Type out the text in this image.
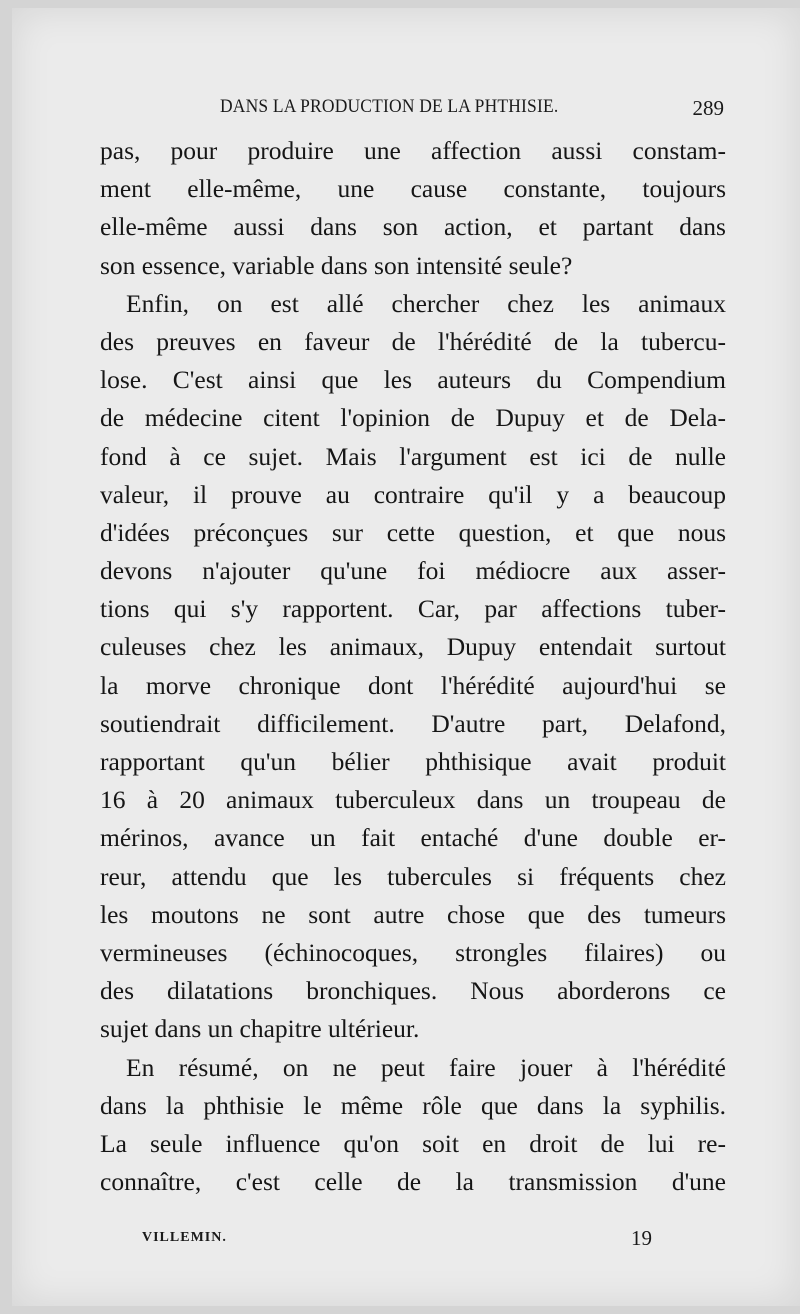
DANS LA PRODUCTION DE LA PHTHISIE.	289
pas, pour produire une affection aussi constam-
ment elle-même, une cause constante, toujours
elle-même aussi dans son action, et partant dans
son essence, variable dans son intensité seule?
Enfin, on est allé chercher chez les animaux
des preuves en faveur de l'hérédité de la tubercu-
lose. C'est ainsi que les auteurs du Compendium
de médecine citent l'opinion de Dupuy et de Dela-
fond à ce sujet. Mais l'argument est ici de nulle
valeur, il prouve au contraire qu'il y a beaucoup
d'idées préconçues sur cette question, et que nous
devons n'ajouter qu'une foi médiocre aux asser-
tions qui s'y rapportent. Car, par affections tuber-
culeuses chez les animaux, Dupuy entendait surtout
la morve chronique dont l'hérédité aujourd'hui se
soutiendrait difficilement. D'autre part, Delafond,
rapportant qu'un bélier phthisique avait produit
16 à 20 animaux tuberculeux dans un troupeau de
mérinos, avance un fait entaché d'une double er-
reur, attendu que les tubercules si fréquents chez
les moutons ne sont autre chose que des tumeurs
vermineuses (échinocoques, strongles filaires) ou
des dilatations bronchiques. Nous aborderons ce
sujet dans un chapitre ultérieur.
En résumé, on ne peut faire jouer à l'hérédité
dans la phthisie le même rôle que dans la syphilis.
La seule influence qu'on soit en droit de lui re-
connaître, c'est celle de la transmission d'une
VILLEMIN.	19
